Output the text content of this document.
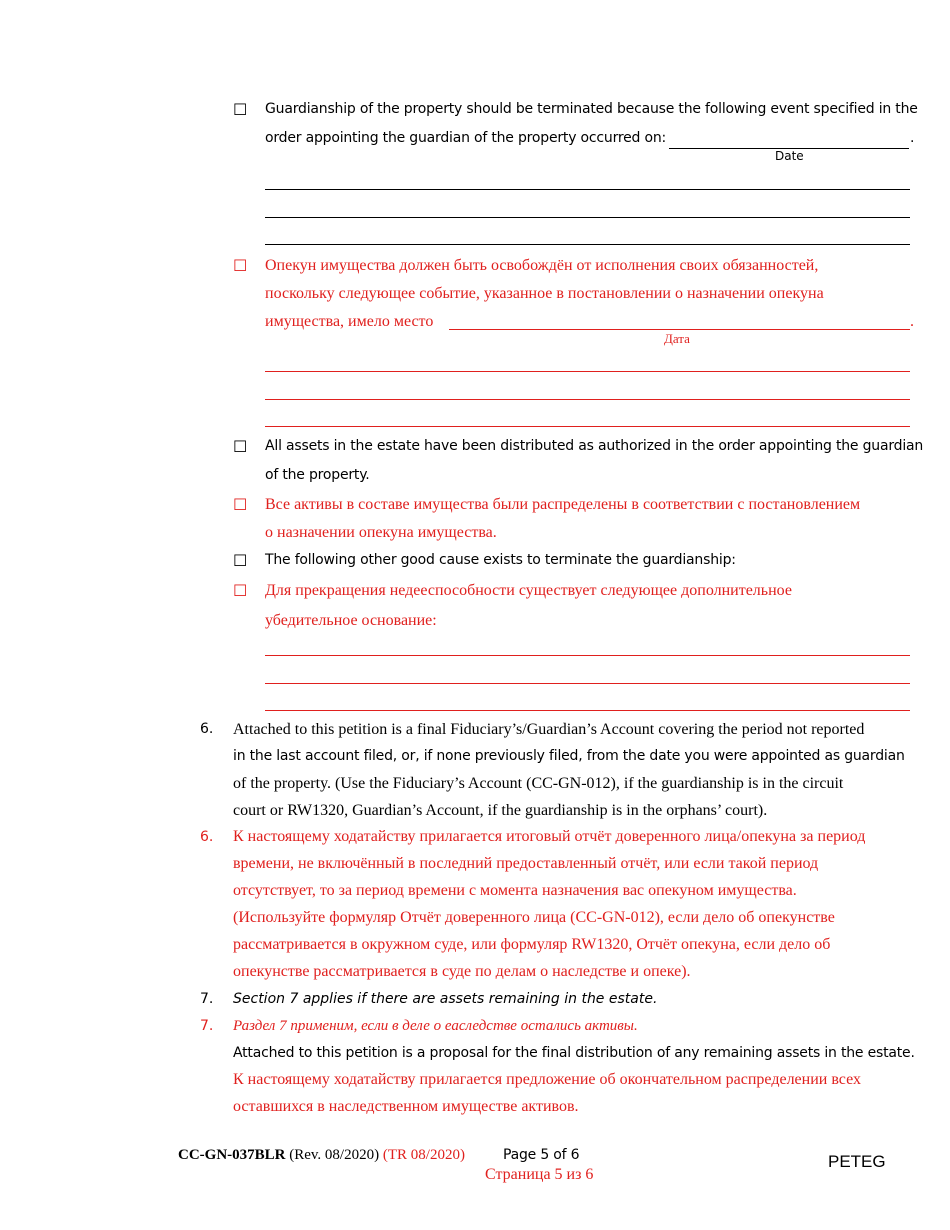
☐ Guardianship of the property should be terminated because the following event specified in the
order appointing the guardian of the property occurred on:	.
Date
☐ Опекун имущества должен быть освобождён от исполнения своих обязанностей,
поскольку следующее событие, указанное в постановлении о назначении опекуна
имущества, имело место	.
Дата
☐ All assets in the estate have been distributed as authorized in the order appointing the guardian
of the property.
☐ Все активы в составе имущества были распределены в соответствии с постановлением
о назначении опекуна имущества.
☐ The following other good cause exists to terminate the guardianship:
☐ Для прекращения недееспособности существует следующее дополнительное
убедительное основание:
6. Attached to this petition is a final Fiduciary’s/Guardian’s Account covering the period not reported
in the last account filed, or, if none previously filed, from the date you were appointed as guardian
of the property. (Use the Fiduciary’s Account (CC-GN-012), if the guardianship is in the circuit
court or RW1320, Guardian’s Account, if the guardianship is in the orphans’ court).
6. К настоящему ходатайству прилагается итоговый отчёт доверенного лица/опекуна за период
времени, не включённый в последний предоставленный отчёт, или если такой период
отсутствует, то за период времени с момента назначения вас опекуном имущества.
(Используйте формуляр Отчёт доверенного лица (CC-GN-012), если дело об опекунстве
рассматривается в окружном суде, или формуляр RW1320, Отчёт опекуна, если дело об
опекунстве рассматривается в суде по делам о наследстве и опеке).
7. Section 7 applies if there are assets remaining in the estate.
7. Раздел 7 применим, если в деле о еаследстве остались активы.
Attached to this petition is a proposal for the final distribution of any remaining assets in the estate.
К настоящему ходатайству прилагается предложение об окончательном распределении всех
оставшихся в наследственном имуществе активов.
CC-GN-037BLR (Rev. 08/2020) (TR 08/2020)	Page 5 of 6
Страница 5 из 6
PETEG
